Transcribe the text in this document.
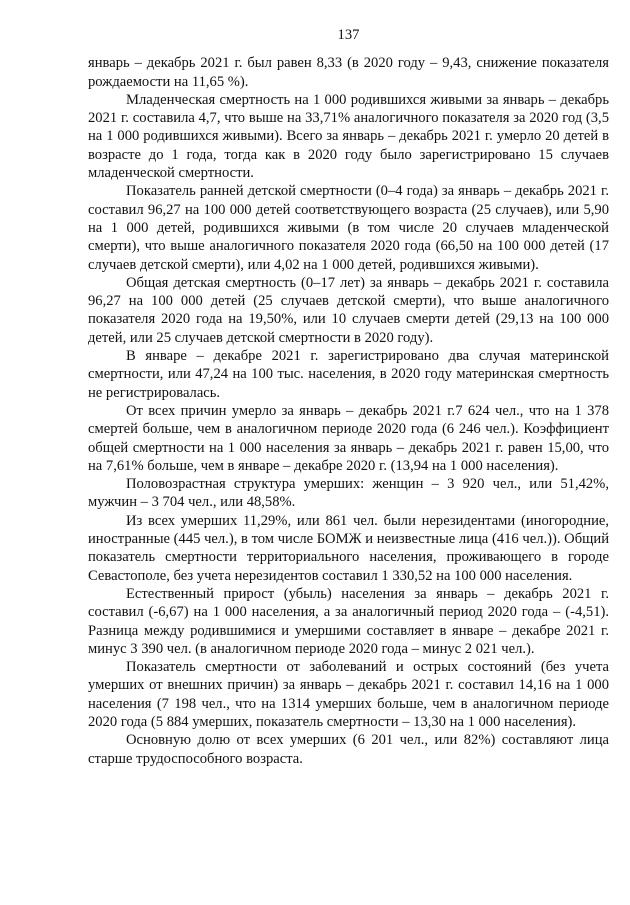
137

январь – декабрь 2021 г. был равен 8,33 (в 2020 году – 9,43, снижение показателя рождаемости на 11,65 %).

Младенческая смертность на 1 000 родившихся живыми за январь – декабрь 2021 г. составила 4,7, что выше на 33,71% аналогичного показателя за 2020 год (3,5 на 1 000 родившихся живыми). Всего за январь – декабрь 2021 г. умерло 20 детей в возрасте до 1 года, тогда как в 2020 году было зарегистрировано 15 случаев младенческой смертности.

Показатель ранней детской смертности (0–4 года) за январь – декабрь 2021 г. составил 96,27 на 100 000 детей соответствующего возраста (25 случаев), или 5,90 на 1 000 детей, родившихся живыми (в том числе 20 случаев младенческой смерти), что выше аналогичного показателя 2020 года (66,50 на 100 000 детей (17 случаев детской смерти), или 4,02 на 1 000 детей, родившихся живыми).

Общая детская смертность (0–17 лет) за январь – декабрь 2021 г. составила 96,27 на 100 000 детей (25 случаев детской смерти), что выше аналогичного показателя 2020 года на 19,50%, или 10 случаев смерти детей (29,13 на 100 000 детей, или 25 случаев детской смертности в 2020 году).

В январе – декабре 2021 г. зарегистрировано два случая материнской смертности, или 47,24 на 100 тыс. населения, в 2020 году материнская смертность не регистрировалась.

От всех причин умерло за январь – декабрь 2021 г.7 624 чел., что на 1 378 смертей больше, чем в аналогичном периоде 2020 года (6 246 чел.). Коэффициент общей смертности на 1 000 населения за январь – декабрь 2021 г. равен 15,00, что на 7,61% больше, чем в январе – декабре 2020 г. (13,94 на 1 000 населения).

Половозрастная структура умерших: женщин – 3 920 чел., или 51,42%, мужчин – 3 704 чел., или 48,58%.

Из всех умерших 11,29%, или 861 чел. были нерезидентами (иногородние, иностранные (445 чел.), в том числе БОМЖ и неизвестные лица (416 чел.)). Общий показатель смертности территориального населения, проживающего в городе Севастополе, без учета нерезидентов составил 1 330,52 на 100 000 населения.

Естественный прирост (убыль) населения за январь – декабрь 2021 г. составил (-6,67) на 1 000 населения, а за аналогичный период 2020 года – (-4,51). Разница между родившимися и умершими составляет в январе – декабре 2021 г. минус 3 390 чел. (в аналогичном периоде 2020 года – минус 2 021 чел.).

Показатель смертности от заболеваний и острых состояний (без учета умерших от внешних причин) за январь – декабрь 2021 г. составил 14,16 на 1 000 населения (7 198 чел., что на 1314 умерших больше, чем в аналогичном периоде 2020 года (5 884 умерших, показатель смертности – 13,30 на 1 000 населения).

Основную долю от всех умерших (6 201 чел., или 82%) составляют лица старше трудоспособного возраста.
